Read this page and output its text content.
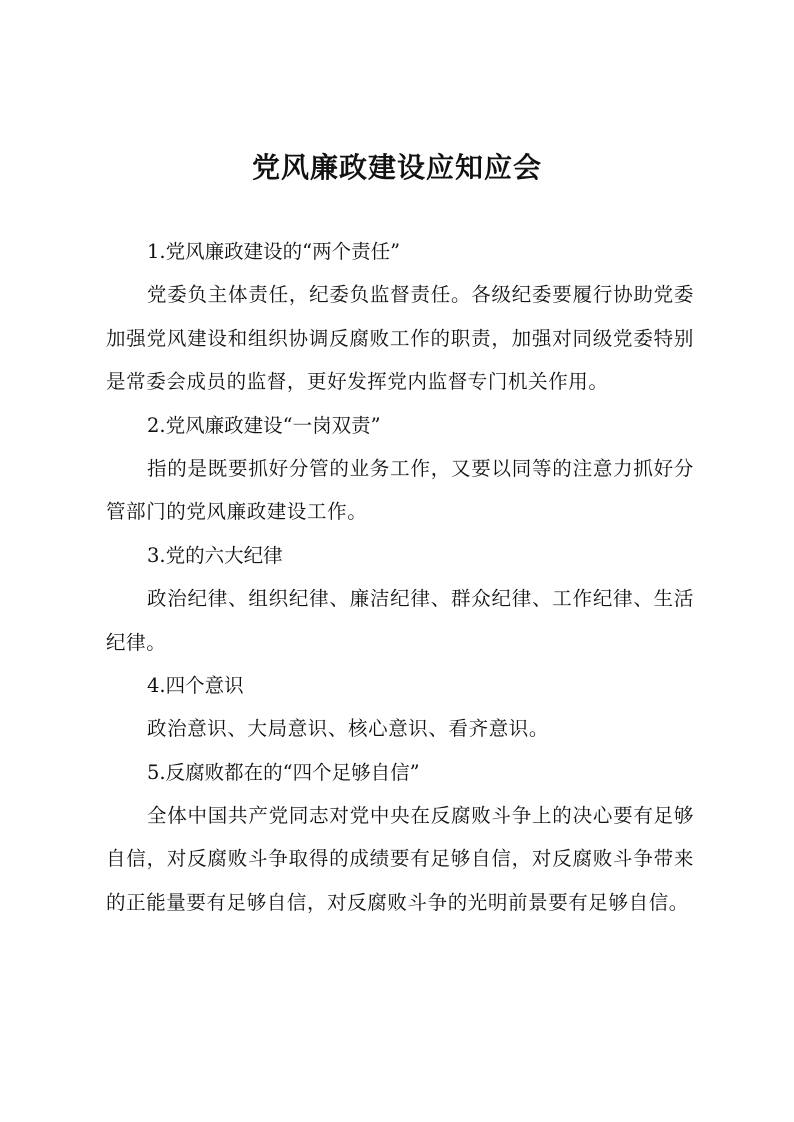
党风廉政建设应知应会

1.党风廉政建设的“两个责任”

党委负主体责任，纪委负监督责任。各级纪委要履行协助党委加强党风建设和组织协调反腐败工作的职责，加强对同级党委特别是常委会成员的监督，更好发挥党内监督专门机关作用。

2.党风廉政建设“一岗双责”

指的是既要抓好分管的业务工作，又要以同等的注意力抓好分管部门的党风廉政建设工作。

3.党的六大纪律

政治纪律、组织纪律、廉洁纪律、群众纪律、工作纪律、生活纪律。

4.四个意识

政治意识、大局意识、核心意识、看齐意识。

5.反腐败都在的“四个足够自信”

全体中国共产党同志对党中央在反腐败斗争上的决心要有足够自信，对反腐败斗争取得的成绩要有足够自信，对反腐败斗争带来的正能量要有足够自信，对反腐败斗争的光明前景要有足够自信。
